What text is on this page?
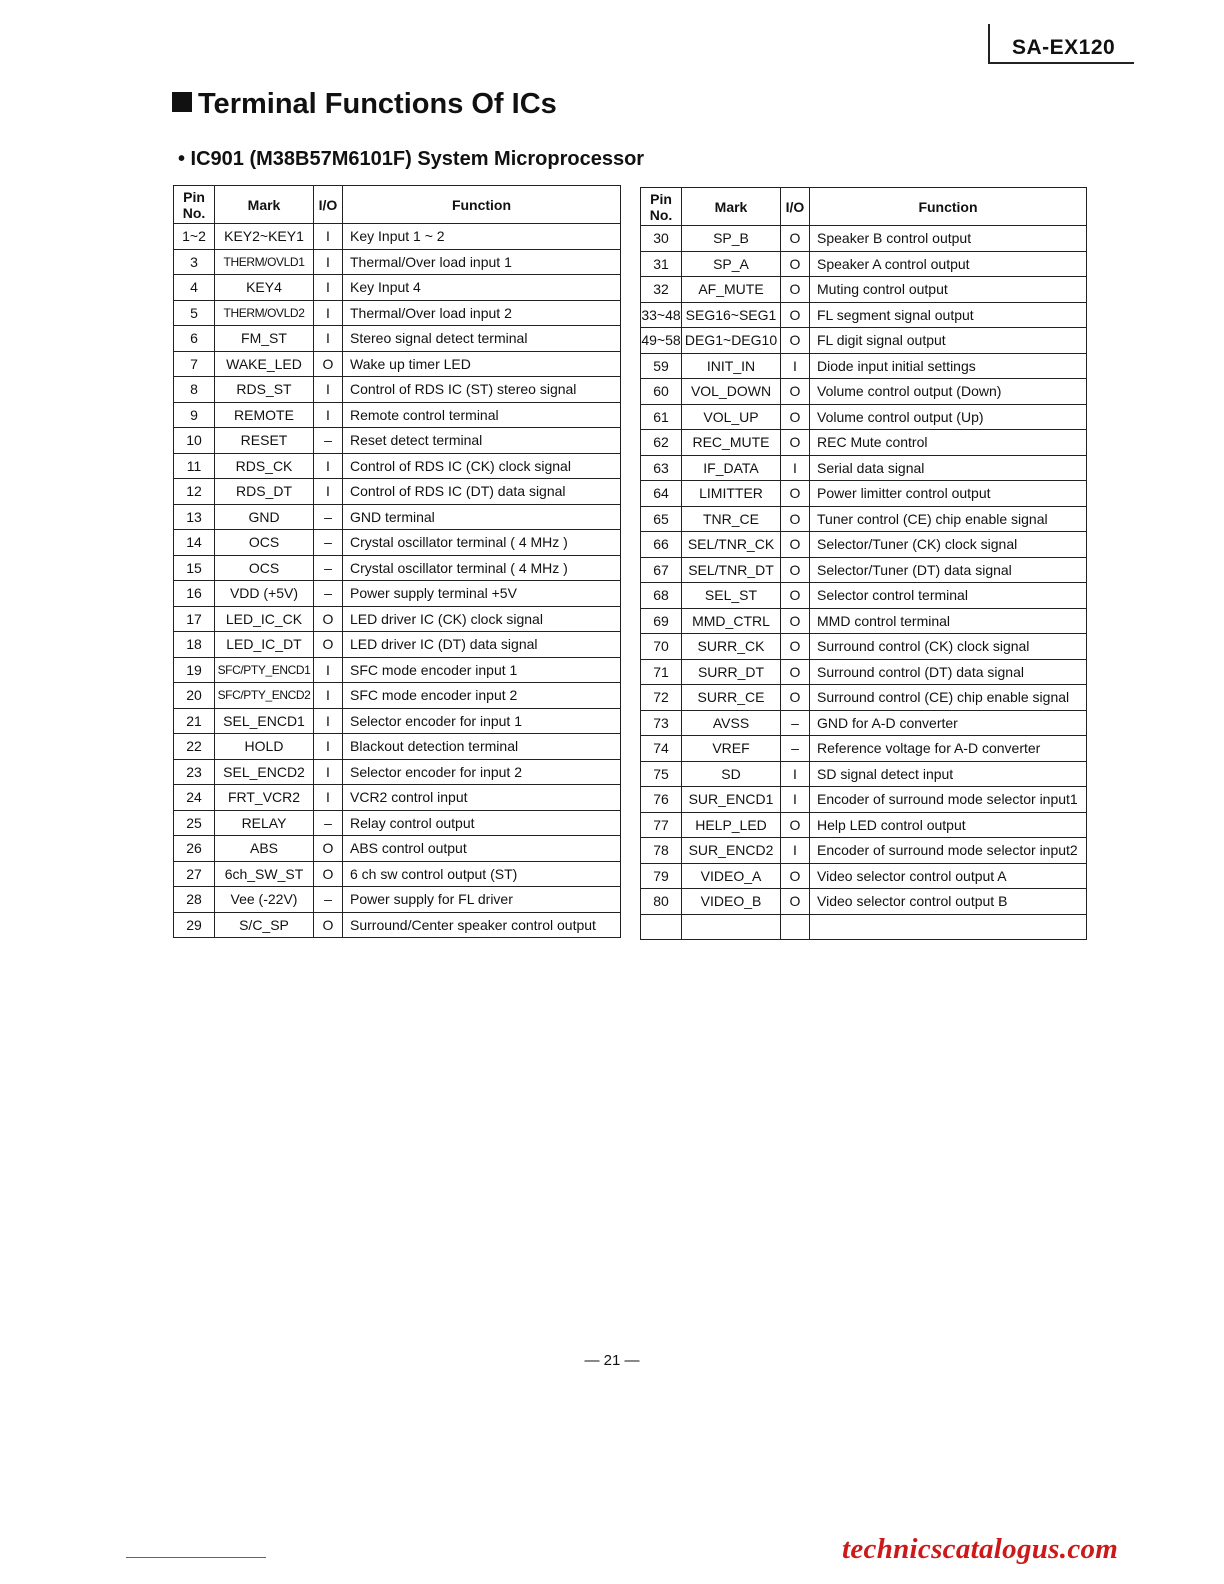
SA-EX120
Terminal Functions Of ICs
• IC901 (M38B57M6101F) System Microprocessor
Pin
No.	Mark	I/O	Function
1~2	KEY2~KEY1	I	Key Input 1 ~ 2
3	THERM/OVLD1	I	Thermal/Over load input 1
4	KEY4	I	Key Input 4
5	THERM/OVLD2	I	Thermal/Over load input 2
6	FM_ST	I	Stereo signal detect terminal
7	WAKE_LED	O	Wake up timer LED
8	RDS_ST	I	Control of RDS IC (ST) stereo signal
9	REMOTE	I	Remote control terminal
10	RESET	–	Reset detect terminal
11	RDS_CK	I	Control of RDS IC (CK) clock signal
12	RDS_DT	I	Control of RDS IC (DT) data signal
13	GND	–	GND terminal
14	OCS	–	Crystal oscillator terminal ( 4 MHz )
15	OCS	–	Crystal oscillator terminal ( 4 MHz )
16	VDD (+5V)	–	Power supply terminal +5V
17	LED_IC_CK	O	LED driver IC (CK) clock signal
18	LED_IC_DT	O	LED driver IC (DT) data signal
19	SFC/PTY_ENCD1	I	SFC mode encoder input 1
20	SFC/PTY_ENCD2	I	SFC mode encoder input 2
21	SEL_ENCD1	I	Selector encoder for input 1
22	HOLD	I	Blackout detection terminal
23	SEL_ENCD2	I	Selector encoder for input 2
24	FRT_VCR2	I	VCR2 control input
25	RELAY	–	Relay control output
26	ABS	O	ABS control output
27	6ch_SW_ST	O	6 ch sw control output (ST)
28	Vee (-22V)	–	Power supply for FL driver
29	S/C_SP	O	Surround/Center speaker control output
Pin
No.	Mark	I/O	Function
30	SP_B	O	Speaker B control output
31	SP_A	O	Speaker A control output
32	AF_MUTE	O	Muting control output
33~48	SEG16~SEG1	O	FL segment signal output
49~58	DEG1~DEG10	O	FL digit signal output
59	INIT_IN	I	Diode input initial settings
60	VOL_DOWN	O	Volume control output (Down)
61	VOL_UP	O	Volume control output (Up)
62	REC_MUTE	O	REC Mute control
63	IF_DATA	I	Serial data signal
64	LIMITTER	O	Power limitter control output
65	TNR_CE	O	Tuner control (CE) chip enable signal
66	SEL/TNR_CK	O	Selector/Tuner (CK) clock signal
67	SEL/TNR_DT	O	Selector/Tuner (DT) data signal
68	SEL_ST	O	Selector control terminal
69	MMD_CTRL	O	MMD control terminal
70	SURR_CK	O	Surround control (CK) clock signal
71	SURR_DT	O	Surround control (DT) data signal
72	SURR_CE	O	Surround control (CE) chip enable signal
73	AVSS	–	GND for A-D converter
74	VREF	–	Reference voltage for A-D converter
75	SD	I	SD signal detect input
76	SUR_ENCD1	I	Encoder of surround mode selector input1
77	HELP_LED	O	Help LED control output
78	SUR_ENCD2	I	Encoder of surround mode selector input2
79	VIDEO_A	O	Video selector control output A
80	VIDEO_B	O	Video selector control output B

— 21 —
technicscatalogus.com
